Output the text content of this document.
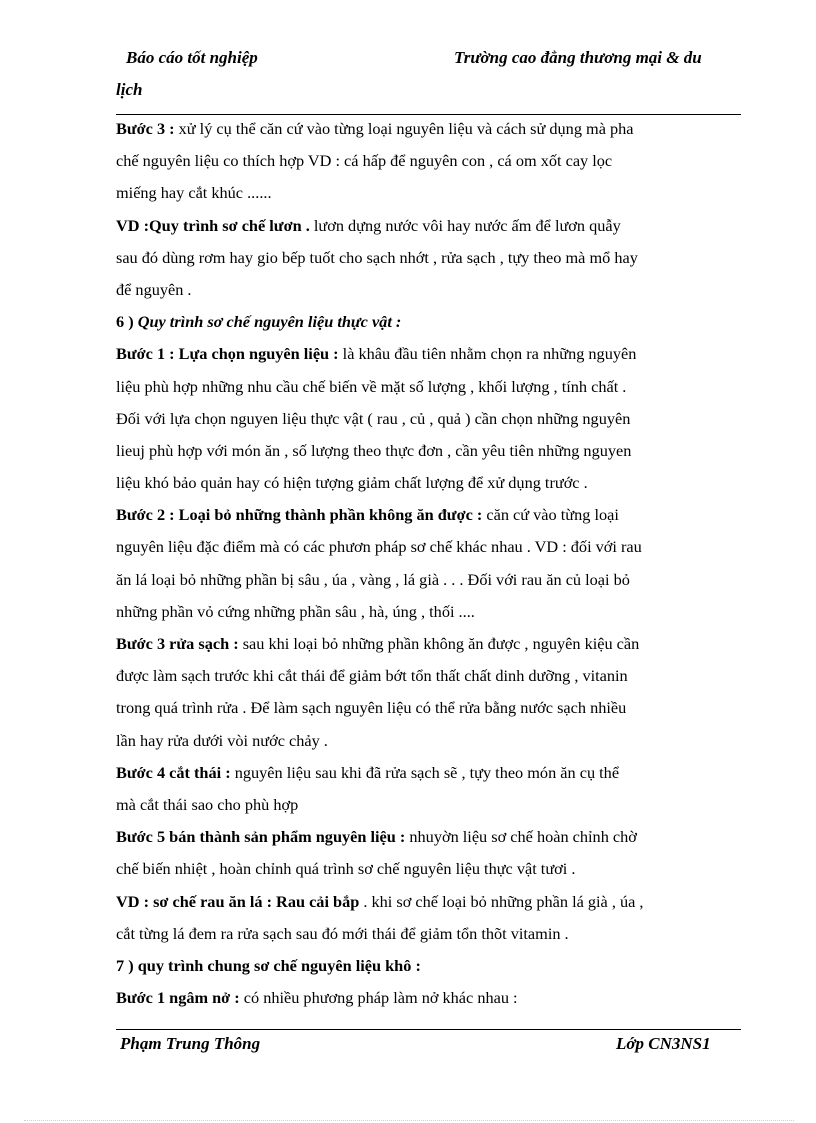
Báo cáo tốt nghiệp	Trường cao đẳng thương mại & du
lịch
Bước 3 : xử lý cụ thể căn cứ vào từng loại nguyên liệu và cách sử dụng mà pha
chế nguyên liệu co thích hợp VD : cá hấp để nguyên con , cá om xốt cay lọc
miếng hay cắt khúc ......
VD :Quy trình sơ chế lươn . lươn dựng nước vôi hay nước ấm để lươn quẫy
sau đó dùng rơm hay gio bếp tuốt cho sạch nhớt , rửa sạch , tựy theo mà mổ hay
để nguyên .
6 ) Quy trình sơ chế nguyên liệu thực vật :
Bước 1 : Lựa chọn nguyên liệu : là khâu đầu tiên nhằm chọn ra những nguyên
liệu phù hợp những nhu cầu chế biến về mặt số lượng , khối lượng , tính chất .
Đối với lựa chọn nguyen liệu thực vật ( rau , củ , quả ) cần chọn những nguyên
lieuj phù hợp với món ăn , số lượng theo thực đơn , cần yêu tiên những nguyen
liệu khó bảo quản hay có hiện tượng giảm chất lượng để xử dụng trước .
Bước 2 : Loại bỏ những thành phần không ăn được : căn cứ vào từng loại
nguyên liệu đặc điểm mà có các phươn pháp sơ chế khác nhau . VD : đối với rau
ăn lá loại bỏ những phần bị sâu , úa , vàng , lá già . . . Đối với rau ăn củ loại bỏ
những phần vỏ cứng những phần sâu , hà, úng , thối ....
Bước 3 rửa sạch : sau khi loại bỏ những phần không ăn được , nguyên kiệu cần
được làm sạch trước khi cắt thái để giảm bớt tổn thất chất dinh dưỡng , vitanin
trong quá trình rửa . Để làm sạch nguyên liệu có thể rửa bằng nước sạch nhiều
lần hay rửa dưới vòi nước chảy .
Bước 4 cắt thái : nguyên liệu sau khi đã rửa sạch sẽ , tựy theo món ăn cụ thể
mà cắt thái sao cho phù hợp
Bước 5 bán thành sản phẩm nguyên liệu : nhuyờn liệu sơ chế hoàn chỉnh chờ
chế biến nhiệt , hoàn chỉnh quá trình sơ chế nguyên liệu thực vật tươi .
VD : sơ chế rau ăn lá : Rau cải bắp . khi sơ chế loại bỏ những phần lá già , úa ,
cắt từng lá đem ra rửa sạch sau đó mới thái để giảm tổn thõt vitamin .
7 ) quy trình chung sơ chế nguyên liệu khô :
Bước 1 ngâm nở : có nhiều phương pháp làm nở khác nhau :
Phạm Trung Thông	Lớp CN3NS1
